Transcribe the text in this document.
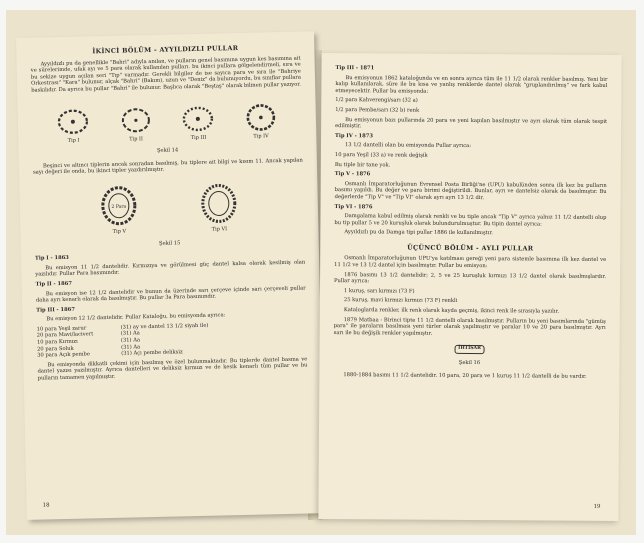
İKİNCİ BÖLÜM - AYYILDIZLI PULLAR

Ayyıldızlı pu da genellikle "Bahri" adıyla anılan, ve pulların genel basımına uygun kes basımına ait ve sürelerimde, ufak ayı ve 5 para olarak kullanılan pulları. bu ikinci pullara gölgelendirmeli, sıra ve bu sekize uygun açılan seri "Tıp" varmadır. Gerekli bilgiler de ise sayıca para ve sıra ile "Bahriye Orkestrası" "Kara" bulunur, alçak "Bahri" (Bakım), uzun ve "Deniz" da bulunuyordu, bu sınıflar pullara baskılıdır. Da ayrıca bu pullar "Bahri" ile bulunur. Başlıca olarak "Beştaş" olarak bilinen pullar yazıyor.

Tip I	Tip II	Tip III	Tip IV
Şekil 14

Beşinci ve altıncı tiplerin ancak sonradan basılmış, bu tiplere ait bilgi ve kısım 11. Ancak yapılan sayı değeri ile onda, bu ikinci tipler yazdırılmıştır.

2 Para
Tip V	Tip VI
Şekil 15

Tip I - 1863

Bu emisyon 11 1/2 dantelidir. Kırmızıya ve görülmesi güç dantel kalsa olarak kesilmiş olan yazılıdır. Pullar Para basımındır.

Tip II - 1867

Bu emisyon ise 12 1/2 dantelidir ve bunun da üzerinde sarı çerçeve içinde sarı çerçeveli pullar daha ayrı kenarlı olarak da basılmıştır. Bu pullar 3a Para basımındır.

Tip III - 1867

Bu emisyon 12 1/2 dantelidir. Pullar Kataloğu, bu emisyonda ayrıca:

10 para Yeşil zarur	(31) ay ve dantel 13 1/2 siyah ile)
20 para Mavi/lacivert	(31) Aa
10 para Kırmızı	(31) Aa
20 para Soluk	(31) Aa
30 para Açık pembe	(31) Açı pembe deliksiz

Bu emisyonda dikkatli çekimi için basılmış ve özel bulunmaktadır. Bu tiplerde dantel basma ve dantel yazısı yazılmıştır. Ayrıca dantelleri ve deliksiz kırmızı ve de kesik kenarlı tüm pullar ve bu pulların tamamen yapılmıştır.

18

Tip III - 1871

Bu emisyonun 1862 kataloğunda ve en sonra ayrıca tüm ile 11 1/2 olarak renkler basılmış. Yeni bir kalıp kullanılarak, süre ile bu kısa ve yanlış renklerde dantel olarak "gruplandırılmış" ve fark kabul etmeyecektir. Pullar bu emisyonda:

1/2 para Kahverengi/sarı (32 a)

1/2 para Pembe/sarı (32 b) renk

Bu emisyonun bazı pullarında 20 para ve yeni kapılan basılmıştır ve ayrı olarak tüm olarak tespit edilmiştir.

Tip IV - 1873

13 1/2 dantelli olan bu emisyonda Pullar ayrıca:

10 para Yeşil (33 a) ve renk değişik

Bu tiple bir tane yok.

Tip V - 1876

Osmanlı İmparatorluğunun Evrensel Posta Birliği'ne (UPU) kabulünden sonra ilk kez bu pulların basımı yapıldı. Bu değer ve para birimi değiştirildi. Bunlar, ayrı ve dantelsiz olarak da basılmıştır. Bu değerlerde "Tip V" ve "Tip VI" olarak ayrı ayrı 13 1/2 dir.

Tip VI - 1876

Damgalama kabul edilmiş olarak renkli ve bu tiple ancak "Tip V" ayrıca yalnız 11 1/2 dantelli olup bu tip pullar 5 ve 20 kuruşluk olarak bulundurulmuştur. Bu tipin dantel ayrıca:

Ayyıldızlı pu da Damga tipi pullar 1886 ile kullanılmıştır.

ÜÇÜNCÜ BÖLÜM - AYLI PULLAR

Osmanlı İmparatorluğunun UPU'ya katılması gereği yeni para sistemle basımına ilk kez dantel ve 11 1/2 ve 13 1/2 dantel için basılmıştır. Pullar bu emisyon:

1876 basımı 13 1/2 dantelidir; 2, 5 ve 25 kuruşluk kırmızı 13 1/2 dantel olarak basılmışlardır. Pullar ayrıca:

1 kuruş, sarı kırmızı (73 F)

25 kuruş, mavi kırmızı kırmızı (73 F) renkli

Kataloglarda renkler, ilk renk olarak kayda geçmiş, ikinci renk ile sırasıyla yazılır.

1879 Matbaa - Birinci tipte 11 1/2 dantelli olarak basılmıştır. Pulların bu yeni basımlarında "gümüş para" ile paraların basılması yeni türler olarak yapılmıştır ve paralar 10 ve 20 para basılmıştır. Ayrı sarı ile bu değişik renkler yapılmıştır.

İHTİSAR
Şekil 16

1880-1884 basımı 11 1/2 dantelidir. 10 para, 20 para ve 1 kuruş 11 1/2 dantelli de bu vardır.

19
